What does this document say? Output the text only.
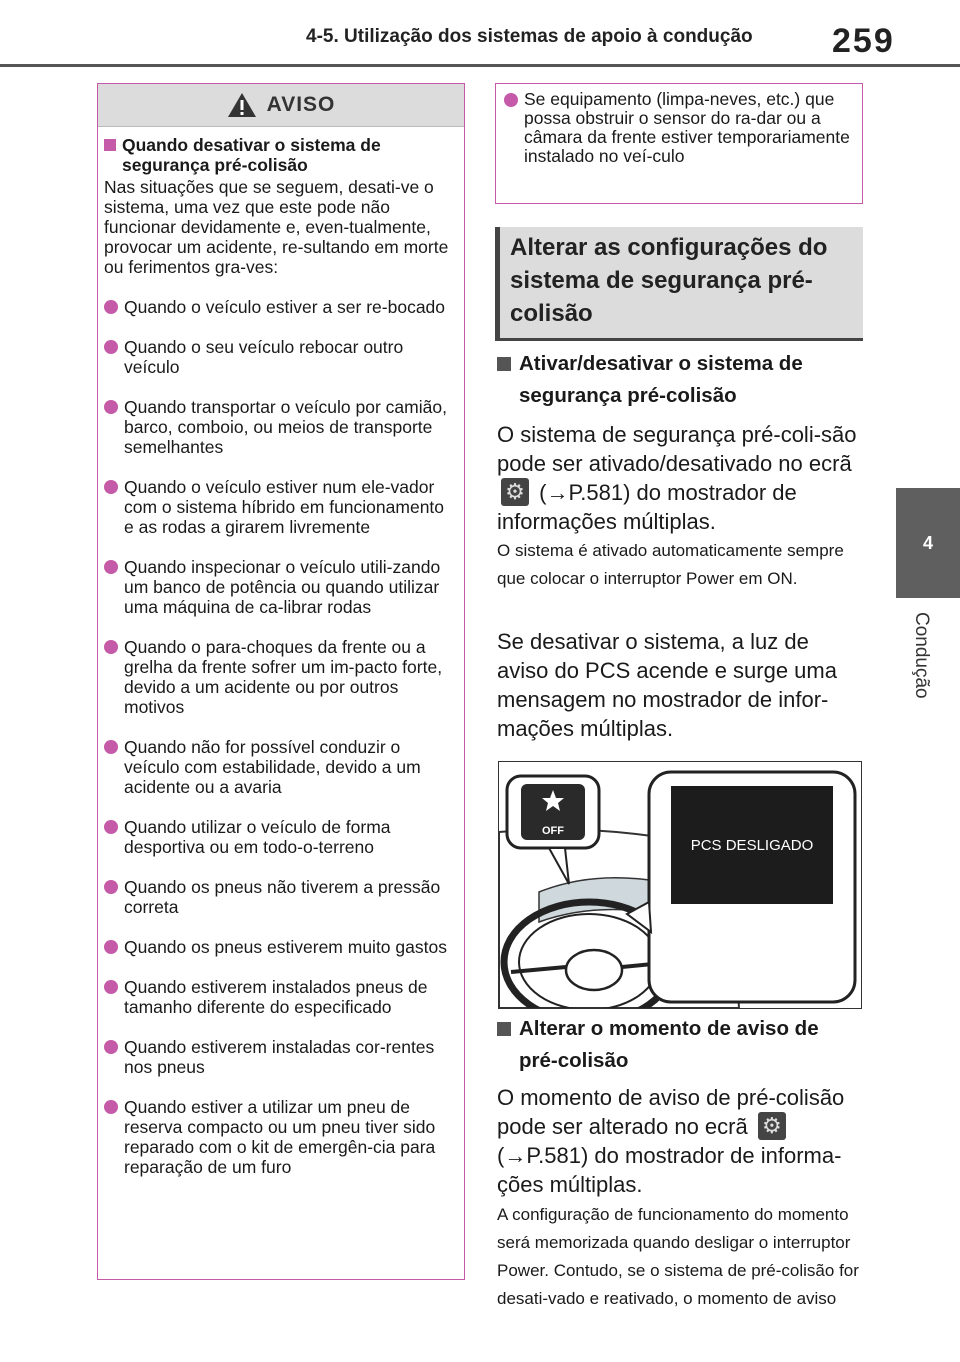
4-5. Utilização dos sistemas de apoio à condução 259
4
Condução
AVISO
Quando desativar o sistema de segurança pré-colisão
Nas situações que se seguem, desati-ve o sistema, uma vez que este pode não funcionar devidamente e, even-tualmente, provocar um acidente, re-sultando em morte ou ferimentos gra-ves:
Quando o veículo estiver a ser re-bocado
Quando o seu veículo rebocar outro veículo
Quando transportar o veículo por camião, barco, comboio, ou meios de transporte semelhantes
Quando o veículo estiver num ele-vador com o sistema híbrido em funcionamento e as rodas a girarem livremente
Quando inspecionar o veículo utili-zando um banco de potência ou quando utilizar uma máquina de ca-librar rodas
Quando o para-choques da frente ou a grelha da frente sofrer um im-pacto forte, devido a um acidente ou por outros motivos
Quando não for possível conduzir o veículo com estabilidade, devido a um acidente ou a avaria
Quando utilizar o veículo de forma desportiva ou em todo-o-terreno
Quando os pneus não tiverem a pressão correta
Quando os pneus estiverem muito gastos
Quando estiverem instalados pneus de tamanho diferente do especificado
Quando estiverem instaladas cor-rentes nos pneus
Quando estiver a utilizar um pneu de reserva compacto ou um pneu tiver sido reparado com o kit de emergên-cia para reparação de um furo
Se equipamento (limpa-neves, etc.) que possa obstruir o sensor do ra-dar ou a câmara da frente estiver temporariamente instalado no veí-culo
Alterar as configurações do sistema de segurança pré-colisão
Ativar/desativar o sistema de segurança pré-colisão
O sistema de segurança pré-coli-são pode ser ativado/desativado no ecrã ⚙ (→P.581) do mostrador de informações múltiplas.
O sistema é ativado automaticamente sempre que colocar o interruptor Power em ON.
Se desativar o sistema, a luz de aviso do PCS acende e surge uma mensagem no mostrador de infor-mações múltiplas.
OFF
PCS DESLIGADO
Alterar o momento de aviso de pré-colisão
O momento de aviso de pré-colisão pode ser alterado no ecrã ⚙ (→P.581) do mostrador de informa-ções múltiplas.
A configuração de funcionamento do momento será memorizada quando desligar o interruptor Power. Contudo, se o sistema de pré-colisão for desati-vado e reativado, o momento de aviso
